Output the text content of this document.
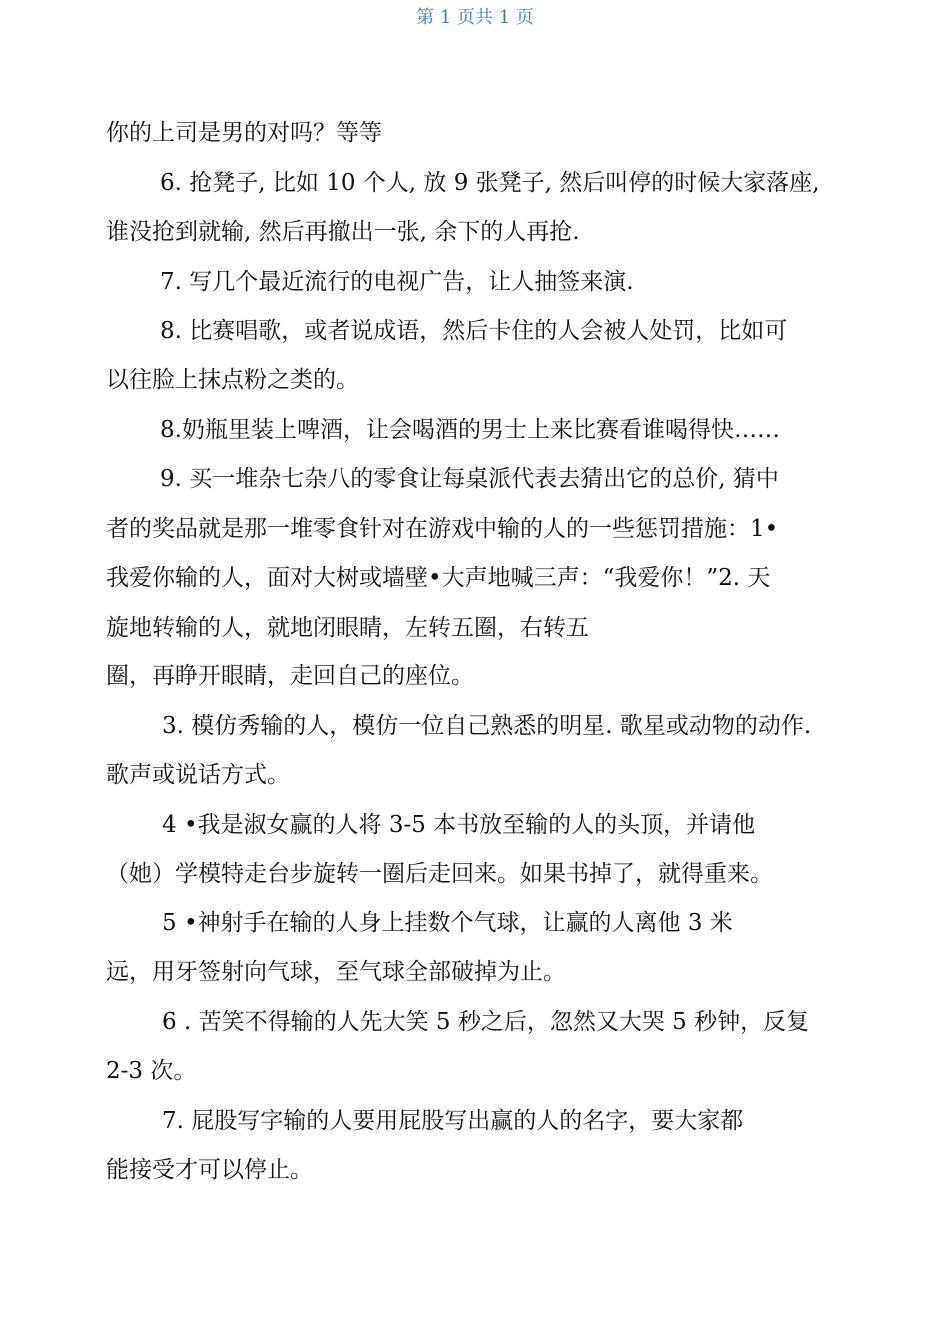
第 1 页共 1 页
你的上司是男的对吗？等等
6. 抢凳子, 比如 10 个人, 放 9 张凳子, 然后叫停的时候大家落座,
谁没抢到就输, 然后再撤出一张, 余下的人再抢.
7. 写几个最近流行的电视广告，让人抽签来演.
8. 比赛唱歌，或者说成语，然后卡住的人会被人处罚，比如可
以往脸上抹点粉之类的。
8.奶瓶里装上啤酒，让会喝酒的男士上来比赛看谁喝得快……
9. 买一堆杂七杂八的零食让每桌派代表去猜出它的总价, 猜中
者的奖品就是那一堆零食针对在游戏中输的人的一些惩罚措施：1•
我爱你输的人，面对大树或墙壁•大声地喊三声：“我爱你！”2. 天
旋地转输的人，就地闭眼睛，左转五圈，右转五
圈，再睁开眼睛，走回自己的座位。
3. 模仿秀输的人，模仿一位自己熟悉的明星. 歌星或动物的动作.
歌声或说话方式。
4 •我是淑女赢的人将 3-5 本书放至输的人的头顶，并请他
（她）学模特走台步旋转一圈后走回来。如果书掉了，就得重来。
5 •神射手在输的人身上挂数个气球，让赢的人离他 3 米
远，用牙签射向气球，至气球全部破掉为止。
6 . 苦笑不得输的人先大笑 5 秒之后，忽然又大哭 5 秒钟，反复
2-3 次。
7. 屁股写字输的人要用屁股写出赢的人的名字，要大家都
能接受才可以停止。
